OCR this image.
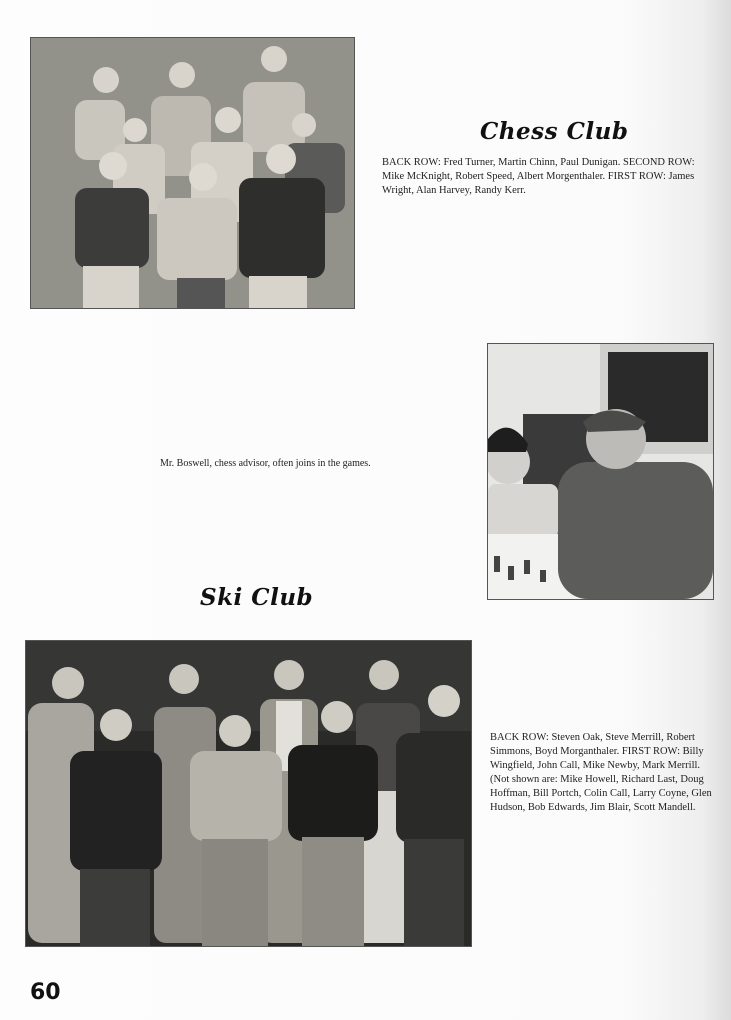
Chess Club
BACK ROW: Fred Turner, Martin Chinn, Paul Dunigan. SECOND ROW: Mike McKnight, Robert Speed, Albert Morgenthaler. FIRST ROW: James Wright, Alan Harvey, Randy Kerr.
Mr. Boswell, chess advisor, often joins in the games.
Ski Club
BACK ROW: Steven Oak, Steve Merrill, Robert Simmons, Boyd Morganthaler. FIRST ROW: Billy Wingfield, John Call, Mike Newby, Mark Merrill. (Not shown are: Mike Howell, Richard Last, Doug Hoffman, Bill Portch, Colin Call, Larry Coyne, Glen Hudson, Bob Edwards, Jim Blair, Scott Mandell.
60
